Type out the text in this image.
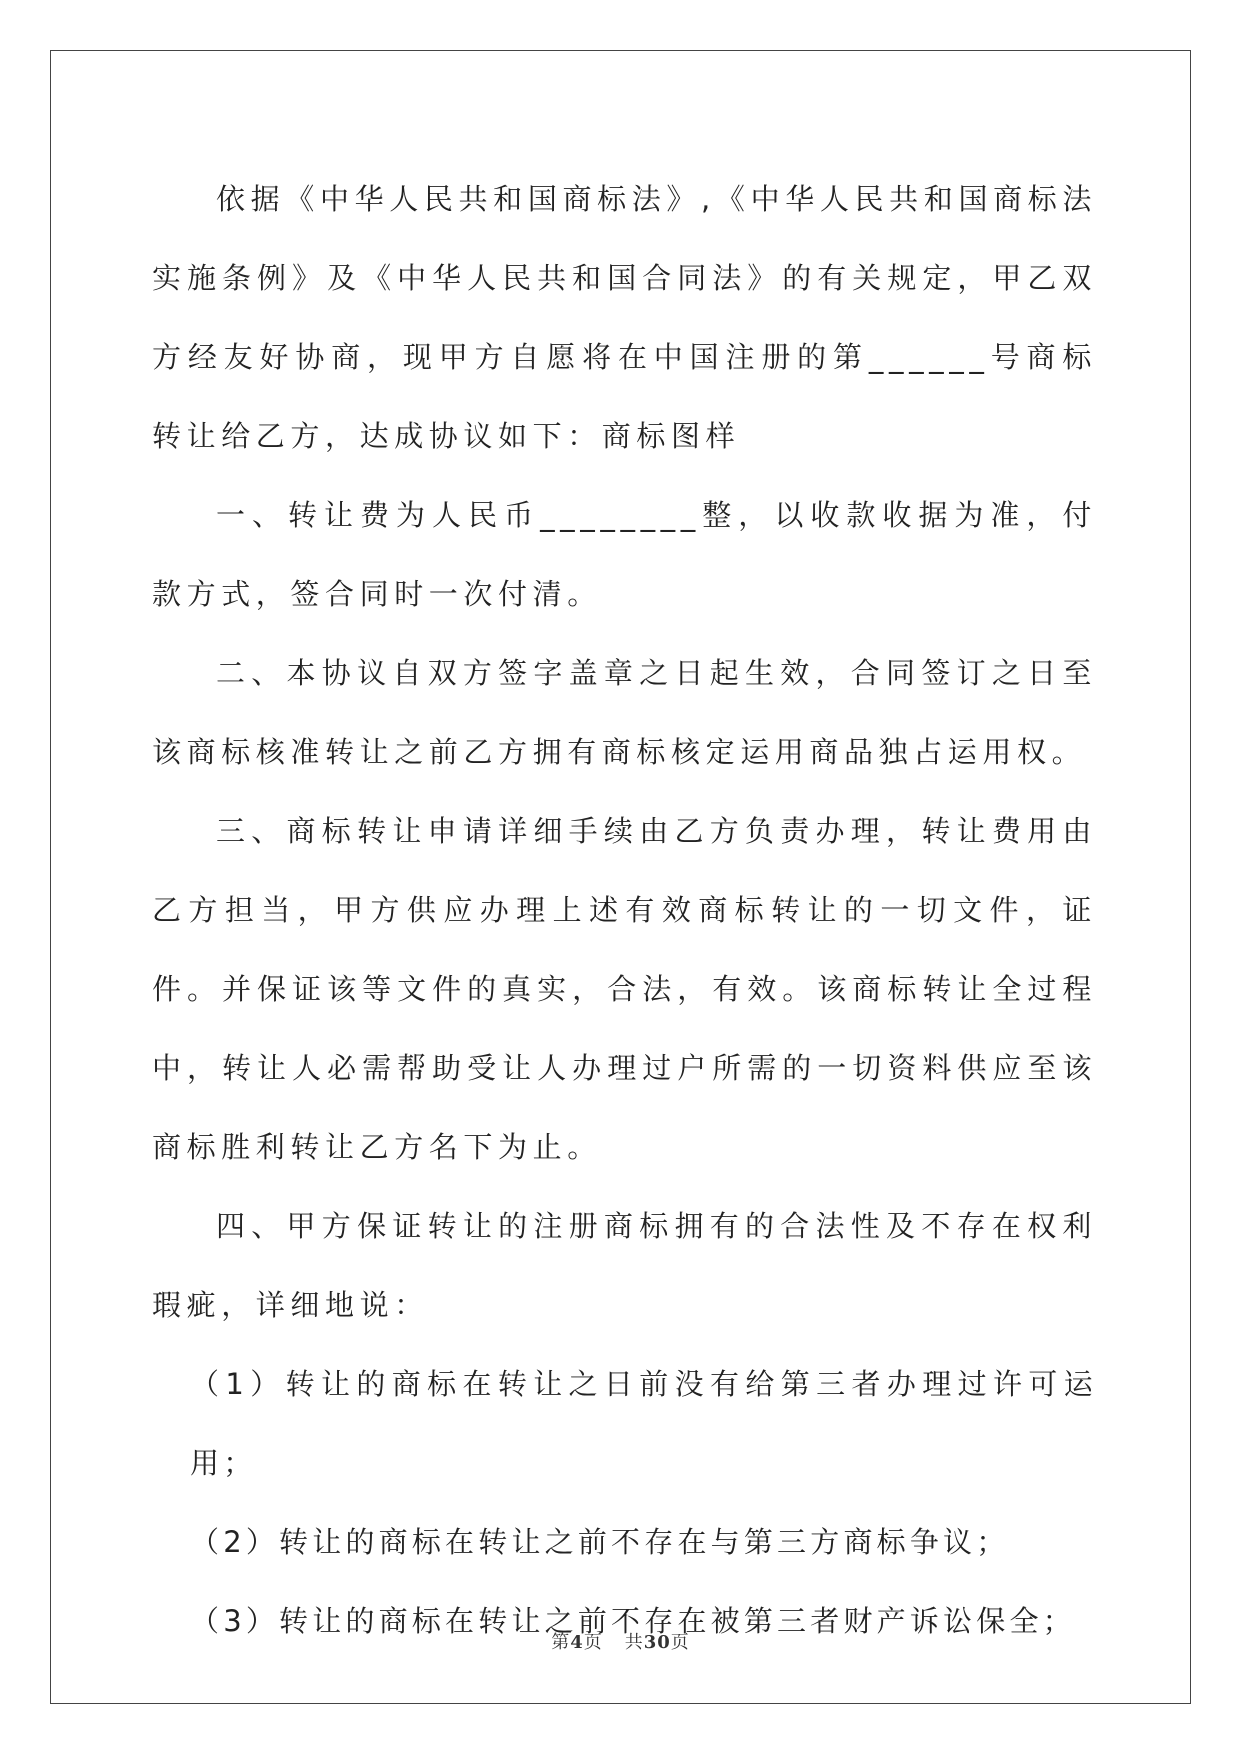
依据《中华人民共和国商标法》,《中华人民共和国商标法实施条例》及《中华人民共和国合同法》的有关规定，甲乙双方经友好协商，现甲方自愿将在中国注册的第______号商标转让给乙方，达成协议如下：商标图样

一、转让费为人民币________整，以收款收据为准，付款方式，签合同时一次付清。

二、本协议自双方签字盖章之日起生效，合同签订之日至该商标核准转让之前乙方拥有商标核定运用商品独占运用权。

三、商标转让申请详细手续由乙方负责办理，转让费用由乙方担当，甲方供应办理上述有效商标转让的一切文件，证件。并保证该等文件的真实，合法，有效。该商标转让全过程中，转让人必需帮助受让人办理过户所需的一切资料供应至该商标胜利转让乙方名下为止。

四、甲方保证转让的注册商标拥有的合法性及不存在权利瑕疵，详细地说：

（1）转让的商标在转让之日前没有给第三者办理过许可运用；

（2）转让的商标在转让之前不存在与第三方商标争议；

（3）转让的商标在转让之前不存在被第三者财产诉讼保全；

第4页 共30页
